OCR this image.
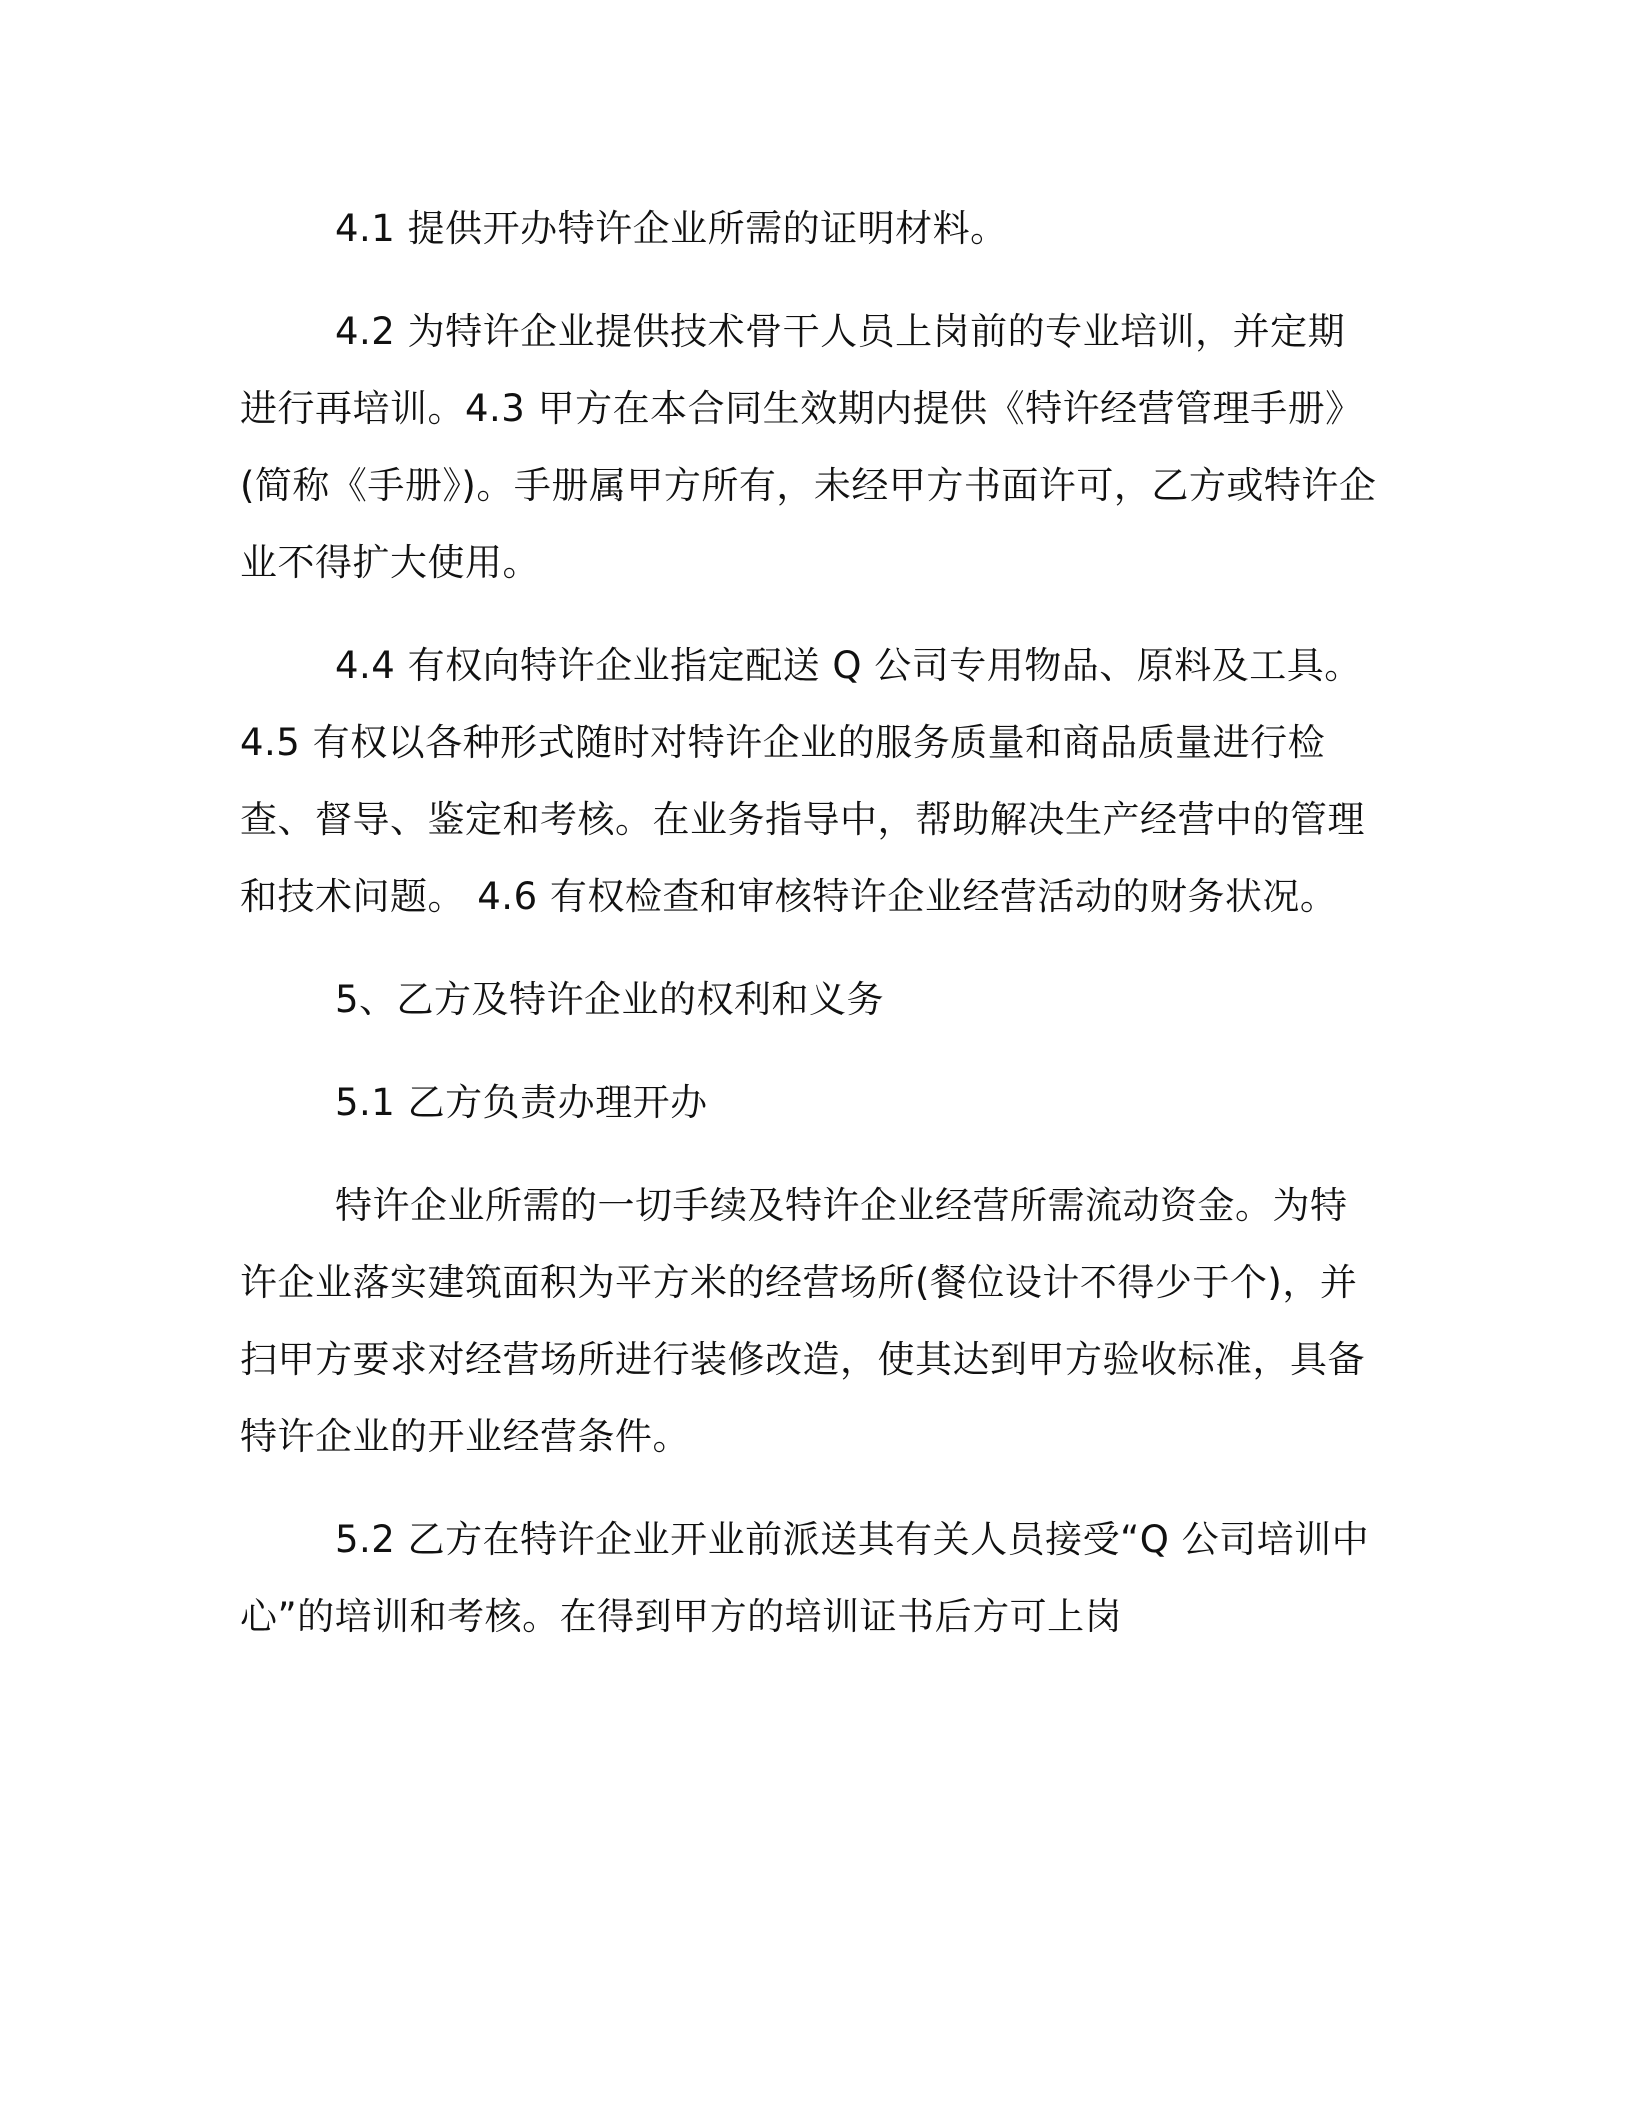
4.1 提供开办特许企业所需的证明材料。

4.2 为特许企业提供技术骨干人员上岗前的专业培训，并定期进行再培训。4.3 甲方在本合同生效期内提供《特许经营管理手册》(简称《手册》)。手册属甲方所有，未经甲方书面许可，乙方或特许企业不得扩大使用。

4.4 有权向特许企业指定配送 Q 公司专用物品、原料及工具。

4.5 有权以各种形式随时对特许企业的服务质量和商品质量进行检查、督导、鉴定和考核。在业务指导中，帮助解决生产经营中的管理和技术问题。 4.6 有权检查和审核特许企业经营活动的财务状况。

5、乙方及特许企业的权利和义务

5.1 乙方负责办理开办

特许企业所需的一切手续及特许企业经营所需流动资金。为特许企业落实建筑面积为平方米的经营场所(餐位设计不得少于个)，并扫甲方要求对经营场所进行装修改造，使其达到甲方验收标准，具备特许企业的开业经营条件。

5.2 乙方在特许企业开业前派送其有关人员接受“Q 公司培训中心”的培训和考核。在得到甲方的培训证书后方可上岗
